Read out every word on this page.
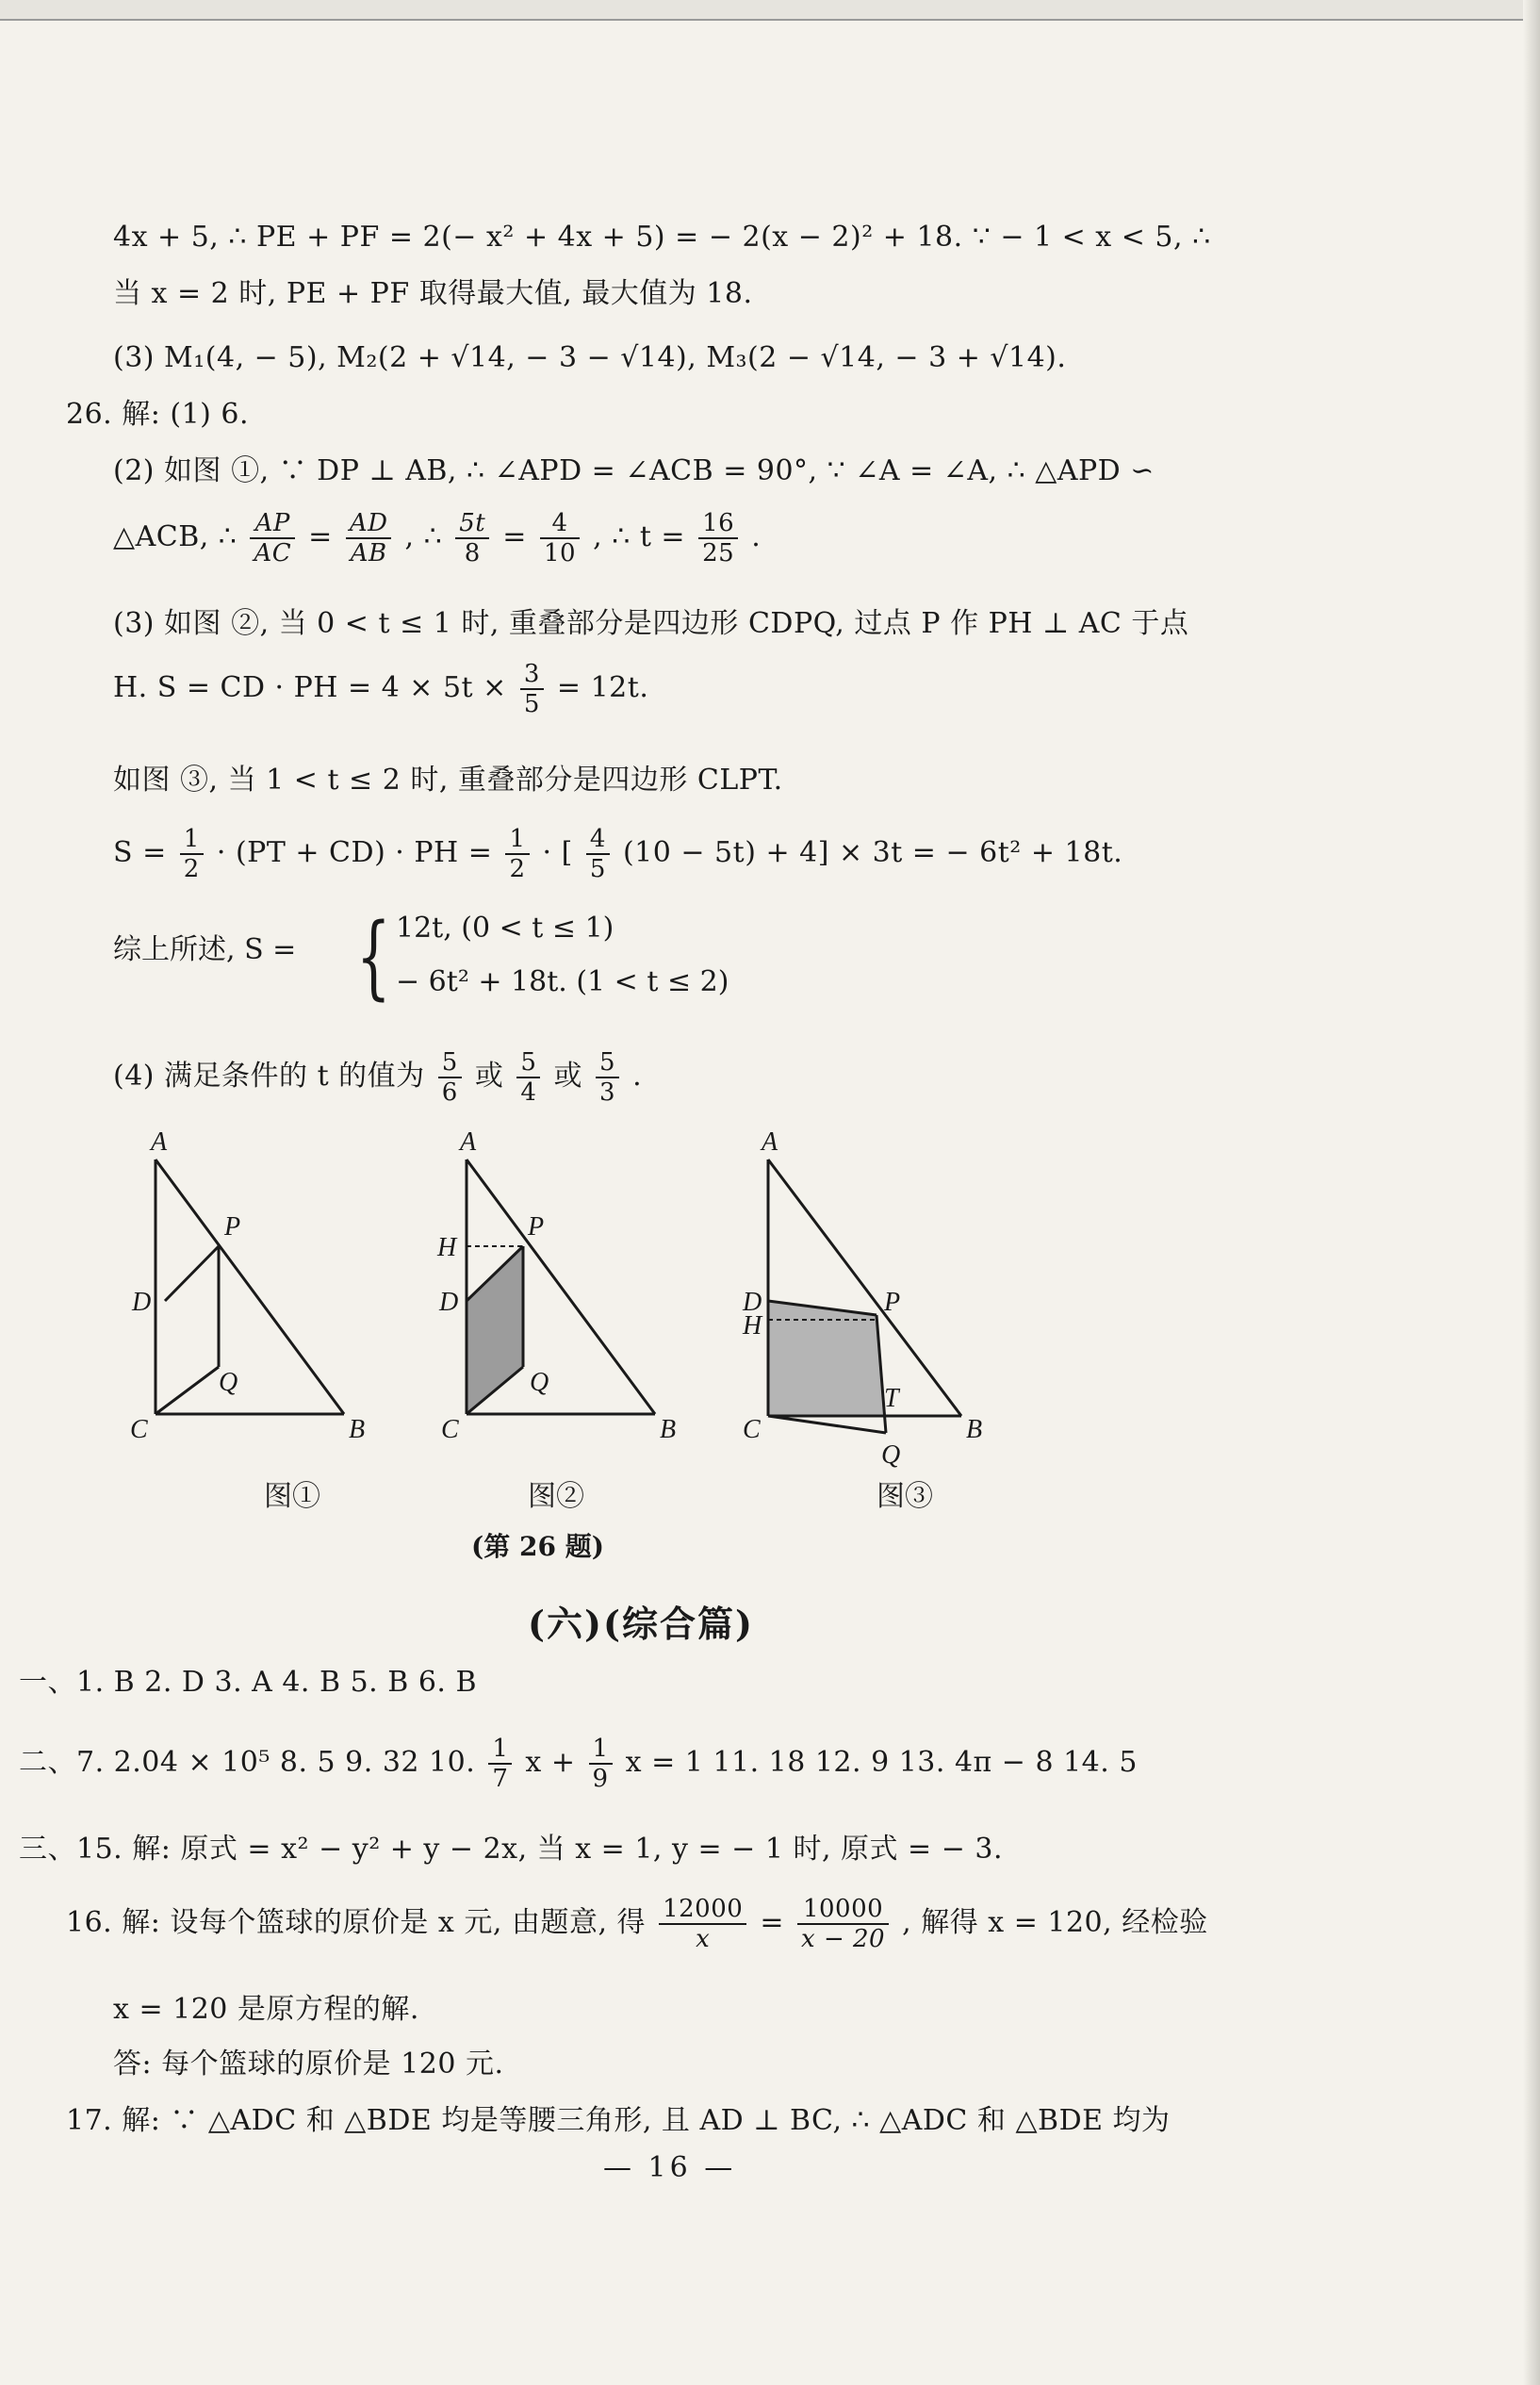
4x + 5, ∴ PE + PF = 2(− x² + 4x + 5) = − 2(x − 2)² + 18. ∵ − 1 < x < 5, ∴
当 x = 2 时, PE + PF 取得最大值, 最大值为 18.
(3) M₁(4, − 5), M₂(2 + √14, − 3 − √14), M₃(2 − √14, − 3 + √14).
26. 解: (1) 6.
(2) 如图 ①, ∵ DP ⊥ AB, ∴ ∠APD = ∠ACB = 90°, ∵ ∠A = ∠A, ∴ △APD ∽
△ACB, ∴ $\frac{AP}{AC} = \frac{AD}{AB}$ , ∴ $\frac{5t}{8} = \frac{4}{10}$ , ∴ $t = \frac{16}{25}$ .
(3) 如图 ②, 当 0 < t ≤ 1 时, 重叠部分是四边形 CDPQ, 过点 P 作 PH ⊥ AC 于点
H. S = CD · PH = $4 \times 5t \times \frac{3}{5} = 12t$.
如图 ③, 当 1 < t ≤ 2 时, 重叠部分是四边形 CLPT.
$S = \frac{1}{2} \cdot (PT + CD)$ · PH = $\frac{1}{2}$ · [ $\frac{4}{5} (10 - 5t) + 4] \times 3t$ = − 6t² + 18t.
综上所述, S = { 12t, (0 < t ≤ 1)
− 6t² + 18t. (1 < t ≤ 2)
(4) 满足条件的 t 的值为 $\frac{5}{6}$ 或 $\frac{5}{4}$ 或 $\frac{5}{3}$ .
A
P
D
Q
C	B
A
P
H
D
Q
C	B
A
D	P
H
T
C	B
Q
图①	图②	图③
(第 26 题)
(六)(综合篇)
一、1. B 2. D 3. A 4. B 5. B 6. B
二、7. 2.04 × 10⁵ 8. 5 9. 32 10. $\frac{1}{7}$ $x + \frac{1}{9}$ x = 1 11. 18 12. 9 13. 4π − 8 14. 5
三、15. 解: 原式 = x² − y² + y − 2x, 当 x = 1, y = − 1 时, 原式 = − 3.
16. 解: 设每个篮球的原价是 x 元, 由题意, 得 $\frac{12000}{x} = \frac{10000}{x - 20}$ , 解得 x = 120, 经检验
x = 120 是原方程的解.
答: 每个篮球的原价是 120 元.
17. 解: ∵ △ADC 和 △BDE 均是等腰三角形, 且 AD ⊥ BC, ∴ △ADC 和 △BDE 均为
— 16 —
